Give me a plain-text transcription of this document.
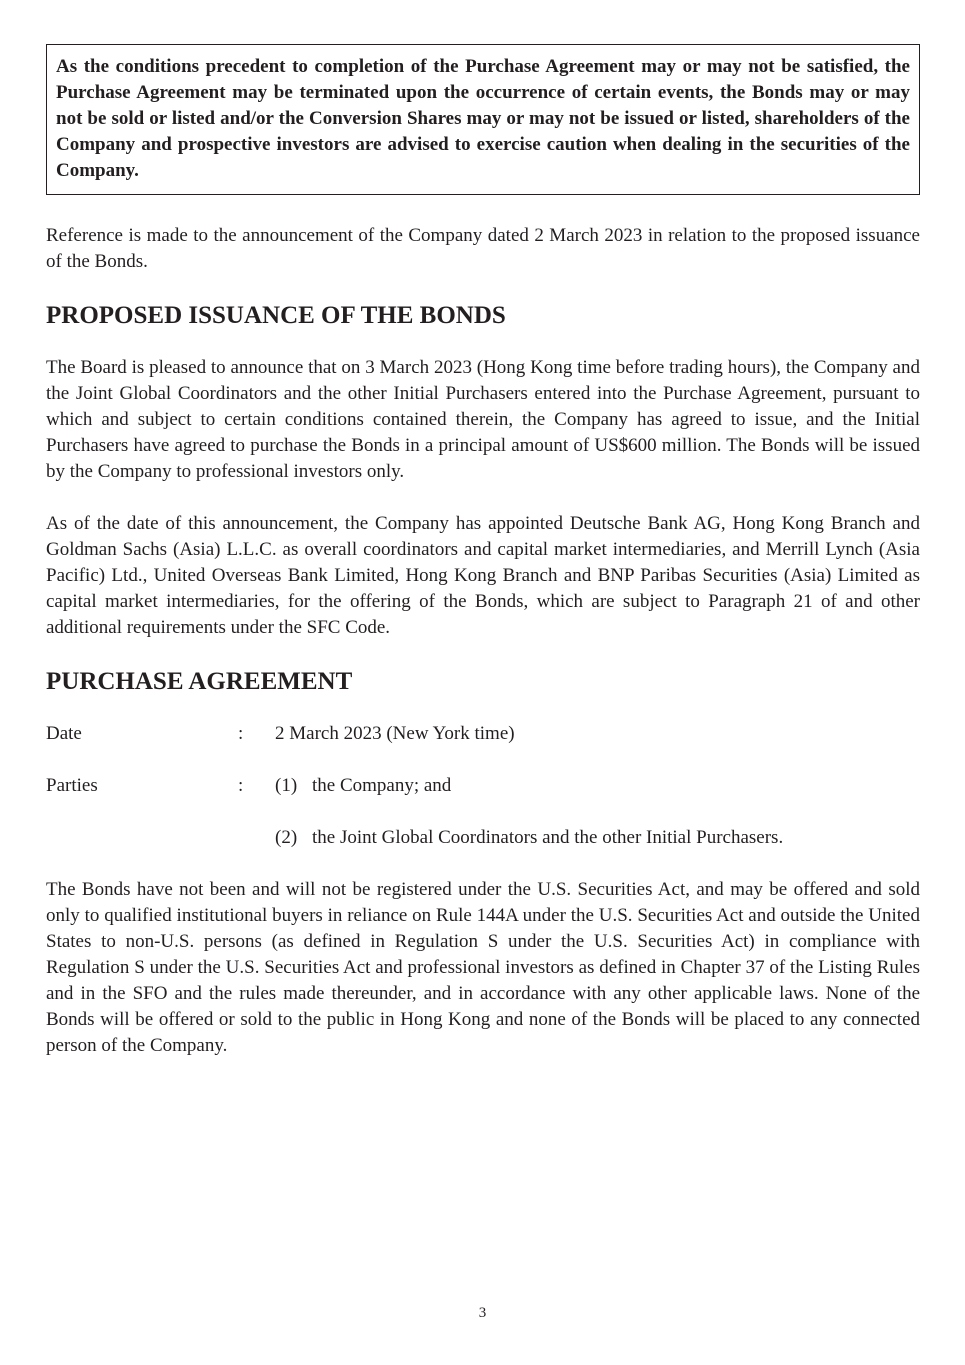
As the conditions precedent to completion of the Purchase Agreement may or may not be satisfied, the Purchase Agreement may be terminated upon the occurrence of certain events, the Bonds may or may not be sold or listed and/or the Conversion Shares may or may not be issued or listed, shareholders of the Company and prospective investors are advised to exercise caution when dealing in the securities of the Company.

Reference is made to the announcement of the Company dated 2 March 2023 in relation to the proposed issuance of the Bonds.

PROPOSED ISSUANCE OF THE BONDS

The Board is pleased to announce that on 3 March 2023 (Hong Kong time before trading hours), the Company and the Joint Global Coordinators and the other Initial Purchasers entered into the Purchase Agreement, pursuant to which and subject to certain conditions contained therein, the Company has agreed to issue, and the Initial Purchasers have agreed to purchase the Bonds in a principal amount of US$600 million. The Bonds will be issued by the Company to professional investors only.

As of the date of this announcement, the Company has appointed Deutsche Bank AG, Hong Kong Branch and Goldman Sachs (Asia) L.L.C. as overall coordinators and capital market intermediaries, and Merrill Lynch (Asia Pacific) Ltd., United Overseas Bank Limited, Hong Kong Branch and BNP Paribas Securities (Asia) Limited as capital market intermediaries, for the offering of the Bonds, which are subject to Paragraph 21 of and other additional requirements under the SFC Code.

PURCHASE AGREEMENT
Date	:	2 March 2023 (New York time)
Parties	:	(1) the Company; and
(2) the Joint Global Coordinators and the other Initial Purchasers.

The Bonds have not been and will not be registered under the U.S. Securities Act, and may be offered and sold only to qualified institutional buyers in reliance on Rule 144A under the U.S. Securities Act and outside the United States to non-U.S. persons (as defined in Regulation S under the U.S. Securities Act) in compliance with Regulation S under the U.S. Securities Act and professional investors as defined in Chapter 37 of the Listing Rules and in the SFO and the rules made thereunder, and in accordance with any other applicable laws. None of the Bonds will be offered or sold to the public in Hong Kong and none of the Bonds will be placed to any connected person of the Company.

3
